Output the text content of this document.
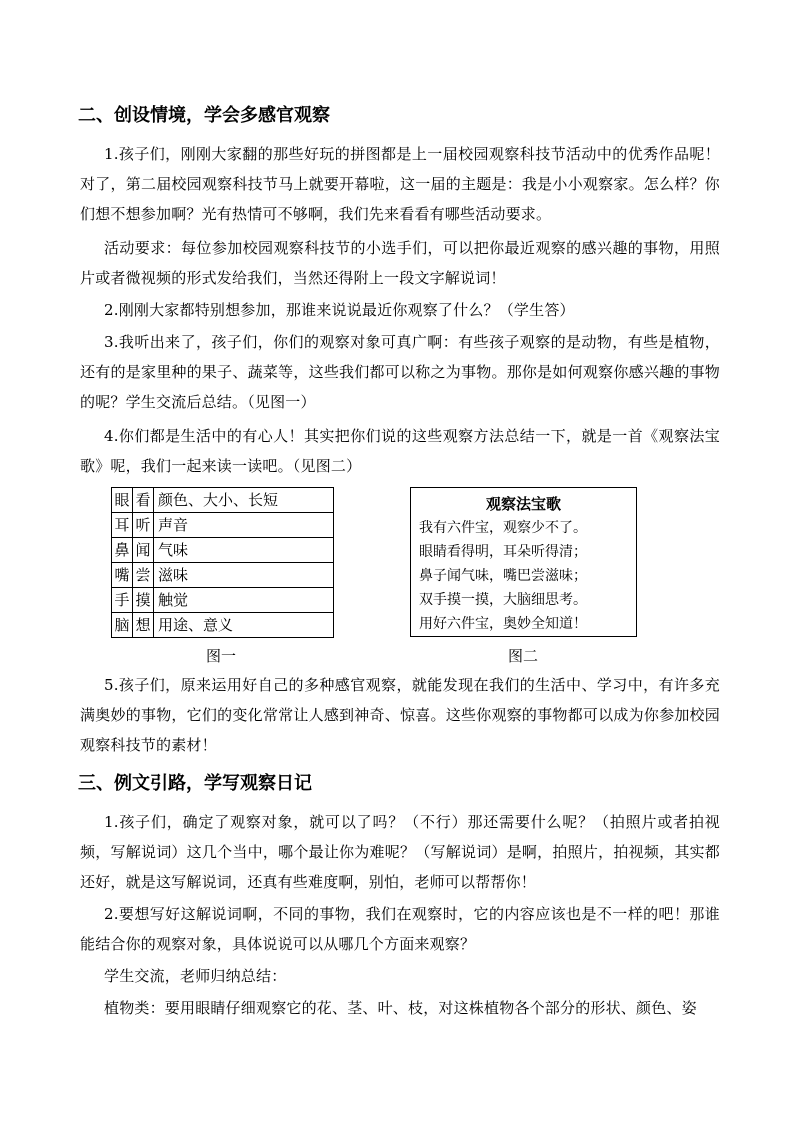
二、创设情境，学会多感官观察

1.孩子们，刚刚大家翻的那些好玩的拼图都是上一届校园观察科技节活动中的优秀作品呢！对了，第二届校园观察科技节马上就要开幕啦，这一届的主题是：我是小小观察家。怎么样？你们想不想参加啊？光有热情可不够啊，我们先来看看有哪些活动要求。

活动要求：每位参加校园观察科技节的小选手们，可以把你最近观察的感兴趣的事物，用照片或者微视频的形式发给我们，当然还得附上一段文字解说词！

2.刚刚大家都特别想参加，那谁来说说最近你观察了什么？（学生答）

3.我听出来了，孩子们，你们的观察对象可真广啊：有些孩子观察的是动物，有些是植物，还有的是家里种的果子、蔬菜等，这些我们都可以称之为事物。那你是如何观察你感兴趣的事物的呢？学生交流后总结。（见图一）

4.你们都是生活中的有心人！其实把你们说的这些观察方法总结一下，就是一首《观察法宝歌》呢，我们一起来读一读吧。（见图二）

眼	看	颜色、大小、长短
耳	听	声音
鼻	闻	气味
嘴	尝	滋味
手	摸	触觉
脑	想	用途、意义

观察法宝歌

我有六件宝，观察少不了。

眼睛看得明，耳朵听得清；

鼻子闻气味，嘴巴尝滋味；

双手摸一摸，大脑细思考。

用好六件宝，奥妙全知道！

图一	图二

5.孩子们，原来运用好自己的多种感官观察，就能发现在我们的生活中、学习中，有许多充满奥妙的事物，它们的变化常常让人感到神奇、惊喜。这些你观察的事物都可以成为你参加校园观察科技节的素材！

三、例文引路，学写观察日记

1.孩子们，确定了观察对象，就可以了吗？（不行）那还需要什么呢？（拍照片或者拍视频，写解说词）这几个当中，哪个最让你为难呢？（写解说词）是啊，拍照片，拍视频，其实都还好，就是这写解说词，还真有些难度啊，别怕，老师可以帮帮你！

2.要想写好这解说词啊，不同的事物，我们在观察时，它的内容应该也是不一样的吧！那谁能结合你的观察对象，具体说说可以从哪几个方面来观察？

学生交流，老师归纳总结：

植物类：要用眼睛仔细观察它的花、茎、叶、枝，对这株植物各个部分的形状、颜色、姿
